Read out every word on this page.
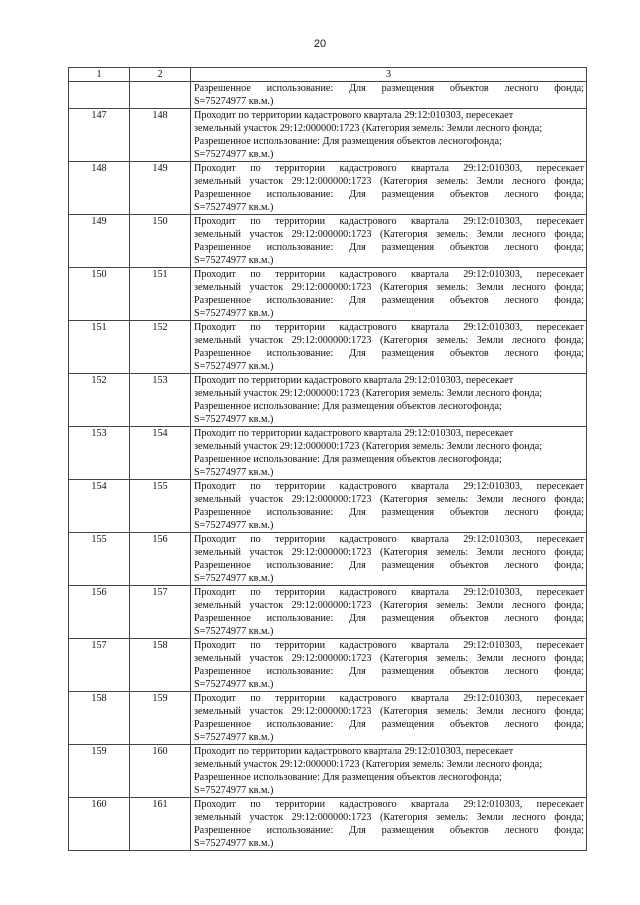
20
1	2	3

		Разрешенное использование: Для размещения объектов лесного фонда;
S=75274977 кв.м.)

147	148	Проходит по территории кадастрового квартала 29:12:010303, пересекает
земельный участок 29:12:000000:1723 (Категория земель: Земли лесного фонда;
Разрешенное использование: Для размещения объектов лесногофонда;
S=75274977 кв.м.)

148	149	Проходит по территории кадастрового квартала 29:12:010303, пересекает
земельный участок 29:12:000000:1723 (Категория земель: Земли лесного фонда;
Разрешенное использование: Для размещения объектов лесного фонда;
S=75274977 кв.м.)

149	150	Проходит по территории кадастрового квартала 29:12:010303, пересекает
земельный участок 29:12:000000:1723 (Категория земель: Земли лесного фонда;
Разрешенное использование: Для размещения объектов лесного фонда;
S=75274977 кв.м.)

150	151	Проходит по территории кадастрового квартала 29:12:010303, пересекает
земельный участок 29:12:000000:1723 (Категория земель: Земли лесного фонда;
Разрешенное использование: Для размещения объектов лесного фонда;
S=75274977 кв.м.)

151	152	Проходит по территории кадастрового квартала 29:12:010303, пересекает
земельный участок 29:12:000000:1723 (Категория земель: Земли лесного фонда;
Разрешенное использование: Для размещения объектов лесного фонда;
S=75274977 кв.м.)

152	153	Проходит по территории кадастрового квартала 29:12:010303, пересекает
земельный участок 29:12:000000:1723 (Категория земель: Земли лесного фонда;
Разрешенное использование: Для размещения объектов лесногофонда;
S=75274977 кв.м.)

153	154	Проходит по территории кадастрового квартала 29:12:010303, пересекает
земельный участок 29:12:000000:1723 (Категория земель: Земли лесного фонда;
Разрешенное использование: Для размещения объектов лесногофонда;
S=75274977 кв.м.)

154	155	Проходит по территории кадастрового квартала 29:12:010303, пересекает
земельный участок 29:12:000000:1723 (Категория земель: Земли лесного фонда;
Разрешенное использование: Для размещения объектов лесного фонда;
S=75274977 кв.м.)

155	156	Проходит по территории кадастрового квартала 29:12:010303, пересекает
земельный участок 29:12:000000:1723 (Категория земель: Земли лесного фонда;
Разрешенное использование: Для размещения объектов лесного фонда;
S=75274977 кв.м.)

156	157	Проходит по территории кадастрового квартала 29:12:010303, пересекает
земельный участок 29:12:000000:1723 (Категория земель: Земли лесного фонда;
Разрешенное использование: Для размещения объектов лесного фонда;
S=75274977 кв.м.)

157	158	Проходит по территории кадастрового квартала 29:12:010303, пересекает
земельный участок 29:12:000000:1723 (Категория земель: Земли лесного фонда;
Разрешенное использование: Для размещения объектов лесного фонда;
S=75274977 кв.м.)

158	159	Проходит по территории кадастрового квартала 29:12:010303, пересекает
земельный участок 29:12:000000:1723 (Категория земель: Земли лесного фонда;
Разрешенное использование: Для размещения объектов лесного фонда;
S=75274977 кв.м.)

159	160	Проходит по территории кадастрового квартала 29:12:010303, пересекает
земельный участок 29:12:000000:1723 (Категория земель: Земли лесного фонда;
Разрешенное использование: Для размещения объектов лесногофонда;
S=75274977 кв.м.)

160	161	Проходит по территории кадастрового квартала 29:12:010303, пересекает
земельный участок 29:12:000000:1723 (Категория земель: Земли лесного фонда;
Разрешенное использование: Для размещения объектов лесного фонда;
S=75274977 кв.м.)
